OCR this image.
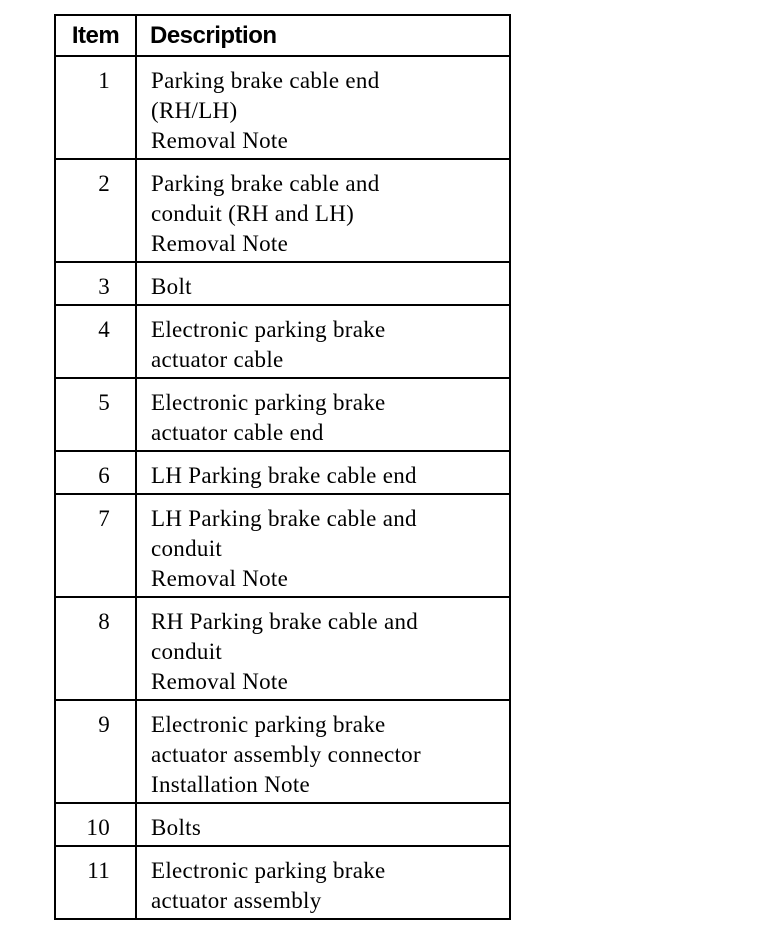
Item	Description
1	Parking brake cable end
(RH/LH)
Removal Note

2	Parking brake cable and
conduit (RH and LH)
Removal Note

3	Bolt

4	Electronic parking brake
actuator cable

5	Electronic parking brake
actuator cable end

6	LH Parking brake cable end

7	LH Parking brake cable and
conduit
Removal Note

8	RH Parking brake cable and
conduit
Removal Note

9	Electronic parking brake
actuator assembly connector
Installation Note

10	Bolts

11	Electronic parking brake
actuator assembly
